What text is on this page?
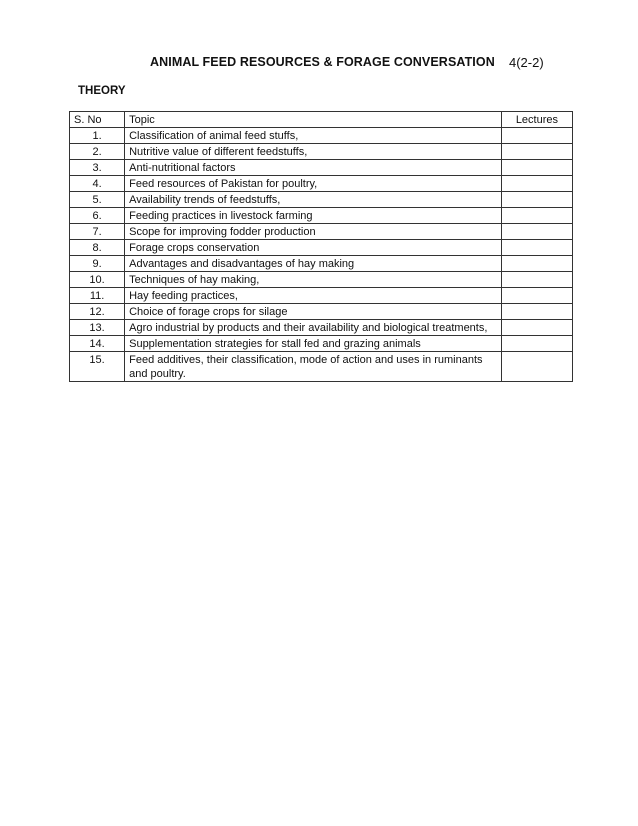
ANIMAL FEED RESOURCES & FORAGE CONVERSATION 4(2-2)
THEORY
S. No	Topic	Lectures
1.	Classification of animal feed stuffs,	
2.	Nutritive value of different feedstuffs,	
3.	Anti-nutritional factors	
4.	Feed resources of Pakistan for poultry,	
5.	Availability trends of feedstuffs,	
6.	Feeding practices in livestock farming	
7.	Scope for improving fodder production	
8.	Forage crops conservation	
9.	Advantages and disadvantages of hay making	
10.	Techniques of hay making,	
11.	Hay feeding practices,	
12.	Choice of forage crops for silage	
13.	Agro industrial by products and their availability and biological treatments,	
14.	Supplementation strategies for stall fed and grazing animals	
15.	Feed additives, their classification, mode of action and uses in ruminants and poultry.	
